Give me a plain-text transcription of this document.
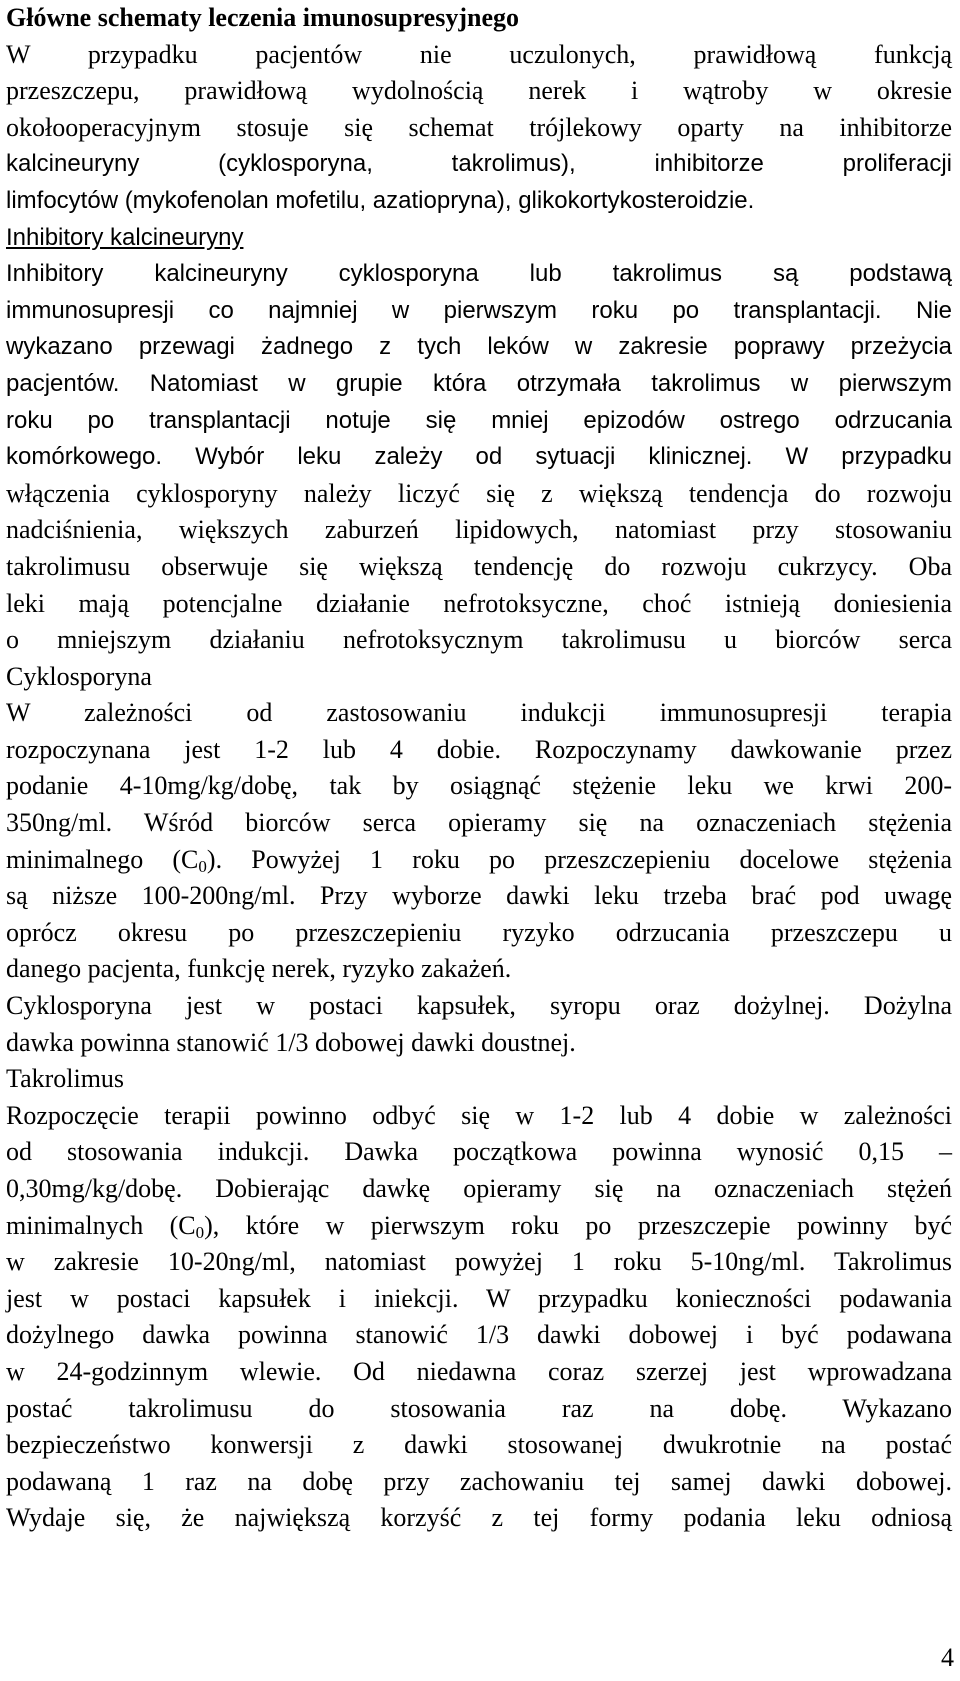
Główne schematy leczenia imunosupresyjnego
W przypadku pacjentów nie uczulonych, prawidłową funkcją
przeszczepu, prawidłową wydolnością nerek i wątroby w okresie
okołooperacyjnym stosuje się schemat trójlekowy oparty na inhibitorze
kalcineuryny (cyklosporyna, takrolimus), inhibitorze proliferacji
limfocytów (mykofenolan mofetilu, azatiopryna), glikokortykosteroidzie.
Inhibitory kalcineuryny
Inhibitory kalcineuryny cyklosporyna lub takrolimus są podstawą
immunosupresji co najmniej w pierwszym roku po transplantacji. Nie
wykazano przewagi żadnego z tych leków w zakresie poprawy przeżycia
pacjentów. Natomiast w grupie która otrzymała takrolimus w pierwszym
roku po transplantacji notuje się mniej epizodów ostrego odrzucania
komórkowego. Wybór leku zależy od sytuacji klinicznej. W przypadku
włączenia cyklosporyny należy liczyć się z większą tendencja do rozwoju
nadciśnienia, większych zaburzeń lipidowych, natomiast przy stosowaniu
takrolimusu obserwuje się większą tendencję do rozwoju cukrzycy. Oba
leki mają potencjalne działanie nefrotoksyczne, choć istnieją doniesienia
o mniejszym działaniu nefrotoksycznym takrolimusu u biorców serca
Cyklosporyna
W zależności od zastosowaniu indukcji immunosupresji terapia
rozpoczynana jest 1-2 lub 4 dobie. Rozpoczynamy dawkowanie przez
podanie 4-10mg/kg/dobę, tak by osiągnąć stężenie leku we krwi 200-
350ng/ml. Wśród biorców serca opieramy się na oznaczeniach stężenia
minimalnego $(C_0)$. Powyżej 1 roku po przeszczepieniu docelowe stężenia
są niższe 100-200ng/ml. Przy wyborze dawki leku trzeba brać pod uwagę
oprócz okresu po przeszczepieniu ryzyko odrzucania przeszczepu u
danego pacjenta, funkcję nerek, ryzyko zakażeń.
Cyklosporyna jest w postaci kapsułek, syropu oraz dożylnej. Dożylna
dawka powinna stanowić 1/3 dobowej dawki doustnej.
Takrolimus
Rozpoczęcie terapii powinno odbyć się w 1-2 lub 4 dobie w zależności
od stosowania indukcji. Dawka początkowa powinna wynosić 0,15 –
0,30mg/kg/dobę. Dobierając dawkę opieramy się na oznaczeniach stężeń
minimalnych $(C_0)$, które w pierwszym roku po przeszczepie powinny być
w zakresie 10-20ng/ml, natomiast powyżej 1 roku 5-10ng/ml. Takrolimus
jest w postaci kapsułek i iniekcji. W przypadku konieczności podawania
dożylnego dawka powinna stanowić 1/3 dawki dobowej i być podawana
w 24-godzinnym wlewie. Od niedawna coraz szerzej jest wprowadzana
postać takrolimusu do stosowania raz na dobę. Wykazano
bezpieczeństwo konwersji z dawki stosowanej dwukrotnie na postać
podawaną 1 raz na dobę przy zachowaniu tej samej dawki dobowej.
Wydaje się, że największą korzyść z tej formy podania leku odniosą
4
